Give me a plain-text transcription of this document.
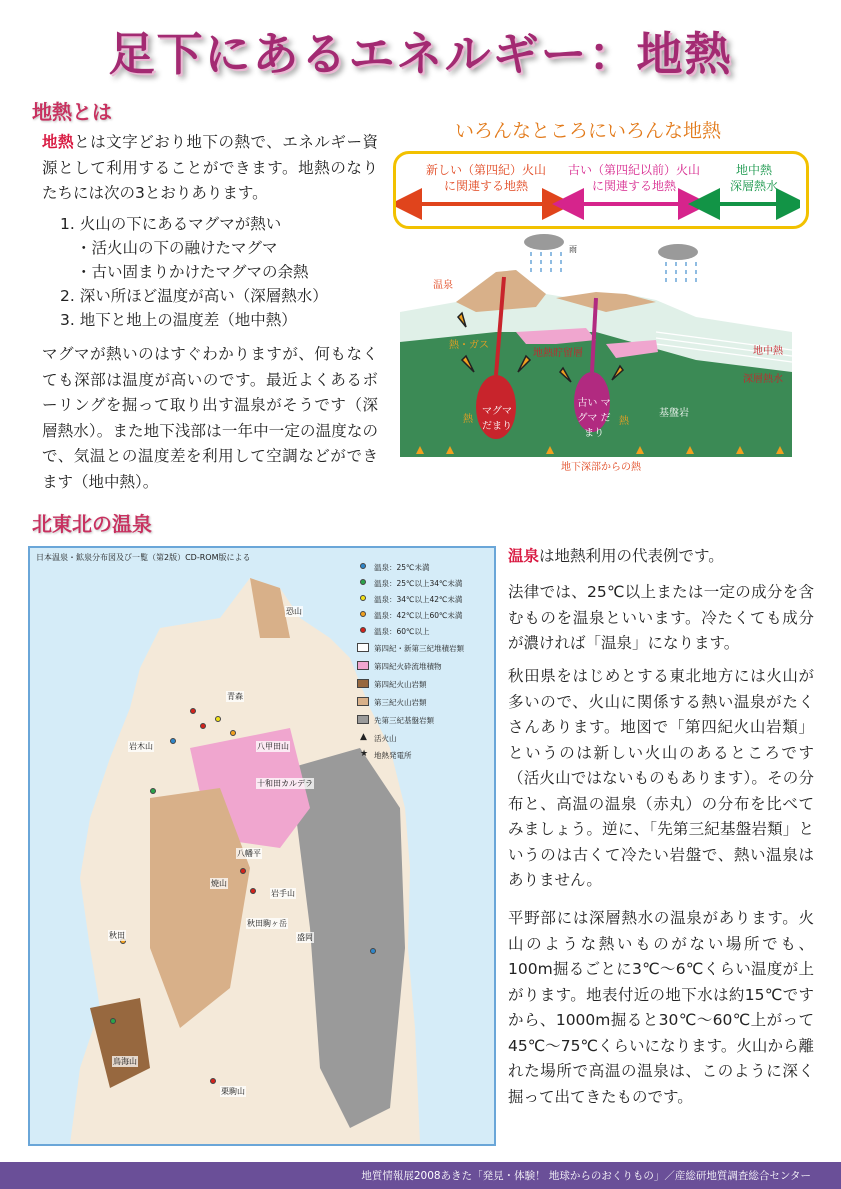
足下にあるエネルギー：地熱
地熱とは
地熱とは文字どおり地下の熱で、エネルギー資源として利用することができます。地熱のなりたちには次の3とおりあります。
1. 火山の下にあるマグマが熱い
・活火山の下の融けたマグマ
・古い固まりかけたマグマの余熱
2. 深い所ほど温度が高い（深層熱水）
3. 地下と地上の温度差（地中熱）
マグマが熱いのはすぐわかりますが、何もなくても深部は温度が高いのです。最近よくあるボーリングを掘って取り出す温泉がそうです（深層熱水）。また地下浅部は一年中一定の温度なので、気温との温度差を利用して空調などができます（地中熱）。
いろんなところにいろんな地熱
新しい（第四紀）火山
に関連する地熱
古い（第四紀以前）火山
に関連する地熱
地中熱
深層熱水
雨
温泉
熱・ガス
地熱貯留層	地中熱
深層熱水
マグマ だまり
古い マグマ だまり
熱	熱
基盤岩
地下深部からの熱
北東北の温泉
日本温泉・鉱泉分布図及び一覧（第2版）CD-ROM版による
温泉：25℃未満
温泉：25℃以上34℃未満
温泉：34℃以上42℃未満
温泉：42℃以上60℃未満
温泉：60℃以上
第四紀・新第三紀堆積岩類
第四紀火砕流堆積物
第四紀火山岩類
第三紀火山岩類
先第三紀基盤岩類
▲ 活火山
★ 地熱発電所
恐山
青森
八甲田山
岩木山
十和田カルデラ
八幡平
焼山
岩手山
秋田	盛岡
秋田駒ヶ岳
鳥海山
栗駒山
温泉は地熱利用の代表例です。
法律では、25℃以上または一定の成分を含むものを温泉といいます。冷たくても成分が濃ければ「温泉」になります。
秋田県をはじめとする東北地方には火山が多いので、火山に関係する熱い温泉がたくさんあります。地図で「第四紀火山岩類」というのは新しい火山のあるところです（活火山ではないものもあります）。その分布と、高温の温泉（赤丸）の分布を比べてみましょう。逆に、「先第三紀基盤岩類」というのは古くて冷たい岩盤で、熱い温泉はありません。
平野部には深層熱水の温泉があります。火山のような熱いものがない場所でも、100m掘るごとに3℃〜6℃くらい温度が上がります。地表付近の地下水は約15℃ですから、1000m掘ると30℃〜60℃上がって45℃〜75℃くらいになります。火山から離れた場所で高温の温泉は、このように深く掘って出てきたものです。
地質情報展2008あきた「発見・体験！ 地球からのおくりもの」／産総研地質調査総合センター
